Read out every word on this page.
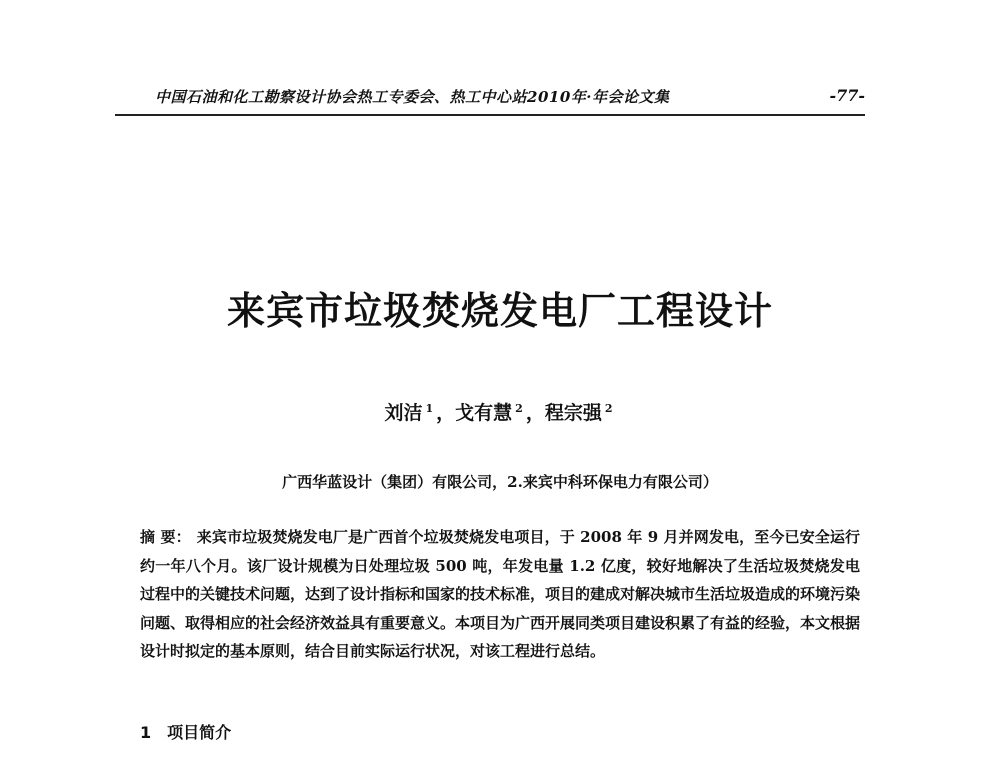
中国石油和化工勘察设计协会热工专委会、热工中心站2010年·年会论文集	-77-
来宾市垃圾焚烧发电厂工程设计
刘洁 $^1$ ，戈有慧 $^2$ ，程宗强 $^2$
广西华蓝设计（集团）有限公司，2.来宾中科环保电力有限公司）
摘 要： 来宾市垃圾焚烧发电厂是广西首个垃圾焚烧发电项目，于 2008 年 9 月并网发电，至今已安全运行约一年八个月。该厂设计规模为日处理垃圾 500 吨，年发电量 1.2 亿度，较好地解决了生活垃圾焚烧发电过程中的关键技术问题，达到了设计指标和国家的技术标准，项目的建成对解决城市生活垃圾造成的环境污染问题、取得相应的社会经济效益具有重要意义。本项目为广西开展同类项目建设积累了有益的经验，本文根据设计时拟定的基本原则，结合目前实际运行状况，对该工程进行总结。
1 项目简介
